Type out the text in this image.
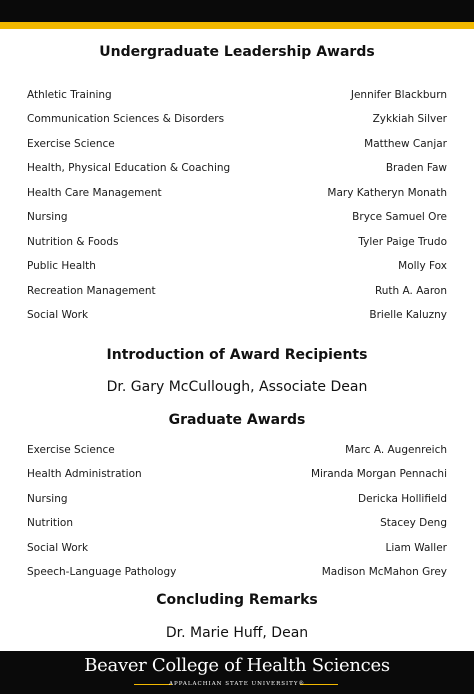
Undergraduate Leadership Awards
Athletic Training	Jennifer Blackburn
Communication Sciences & Disorders	Zykkiah Silver
Exercise Science	Matthew Canjar
Health, Physical Education & Coaching	Braden Faw
Health Care Management	Mary Katheryn Monath
Nursing	Bryce Samuel Ore
Nutrition & Foods	Tyler Paige Trudo
Public Health	Molly Fox
Recreation Management	Ruth A. Aaron
Social Work	Brielle Kaluzny
Introduction of Award Recipients
Dr. Gary McCullough, Associate Dean
Graduate Awards
Exercise Science	Marc A. Augenreich
Health Administration	Miranda Morgan Pennachi
Nursing	Dericka Hollifield
Nutrition	Stacey Deng
Social Work	Liam Waller
Speech-Language Pathology	Madison McMahon Grey
Concluding Remarks
Dr. Marie Huff, Dean
Beaver College of Health Sciences
APPALACHIAN STATE UNIVERSITY®
